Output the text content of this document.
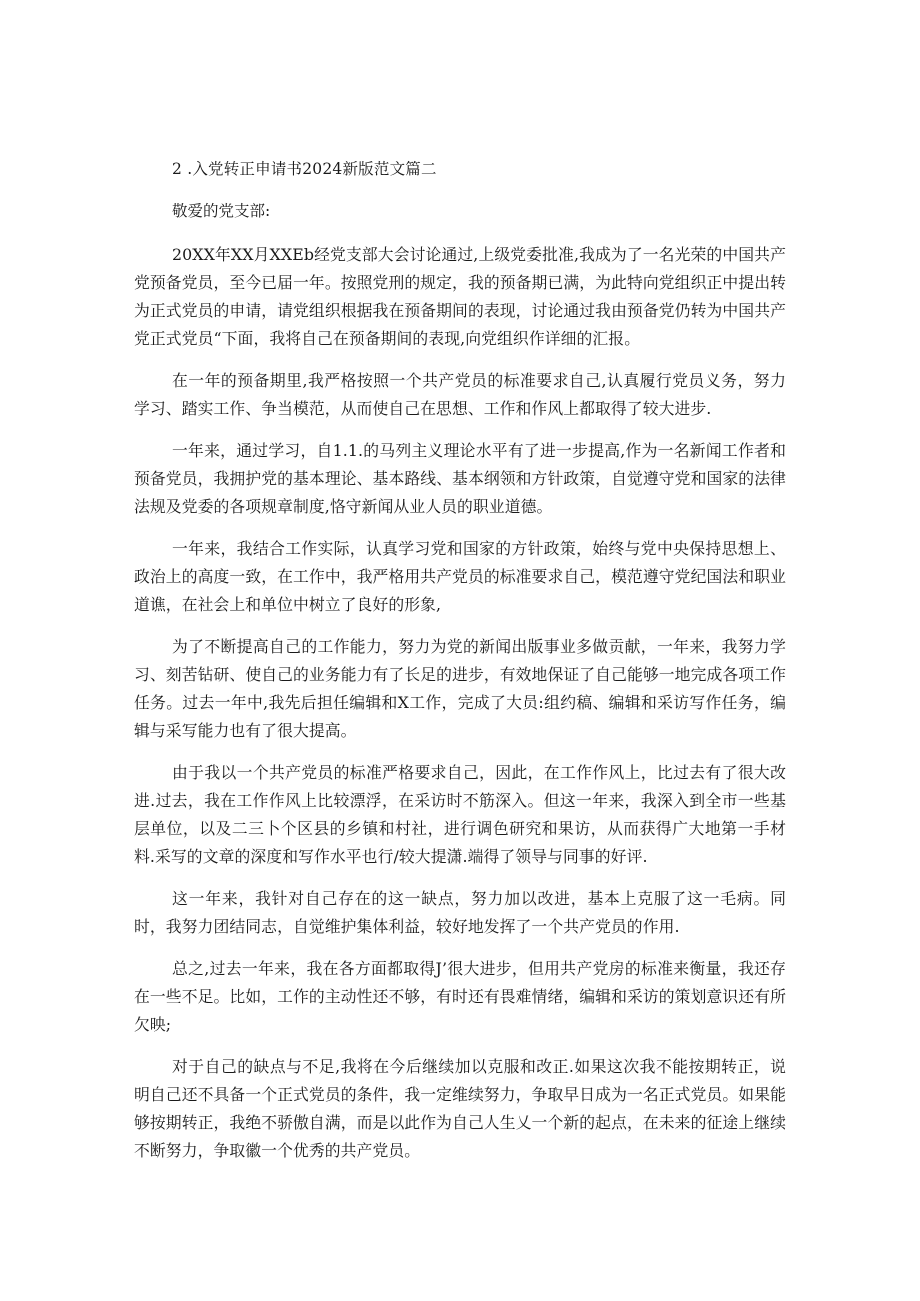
2 .入党转正申请书2024新版范文篇二

敬爱的党支部:

20XX年XX月XXEb经党支部大会讨论通过,上级党委批准,我成为了一名光荣的中国共产党预备党员，至今已届一年。按照党刑的规定，我的预备期已满，为此特向党组织正中提出转为正式党员的申请，请党组织根据我在预备期间的表现，讨论通过我由预备党仍转为中国共产党正式党员“下面，我将自己在预备期间的表现,向党组织作详细的汇报。

在一年的预备期里,我严格按照一个共产党员的标准要求自己,认真履行党员义务，努力学习、踏实工作、争当模范，从而使自己在思想、工作和作风上都取得了较大进步.

一年来，通过学习，自1.1.的马列主义理论水平有了进一步提高,作为一名新闻工作者和预备党员，我拥护党的基本理论、基本路线、基本纲领和方针政策，自觉遵守党和国家的法律法规及党委的各项规章制度,恪守新闻从业人员的职业道德。

一年来，我结合工作实际，认真学习党和国家的方针政策，始终与党中央保持思想上、政治上的高度一致，在工作中，我严格用共产党员的标准要求自己，模范遵守党纪国法和职业道谯，在社会上和单位中树立了良好的形象,

为了不断提高自己的工作能力，努力为党的新闻出版事业多做贡献，一年来，我努力学习、刻苦钻研、使自己的业务能力有了长足的进步，有效地保证了自己能够一地完成各项工作任务。过去一年中,我先后担任编辑和X工作，完成了大员:组约稿、编辑和采访写作任务，编辑与采写能力也有了很大提高。

由于我以一个共产党员的标准严格要求自己，因此，在工作作风上，比过去有了很大改进.过去，我在工作作风上比较漂浮，在采访时不筋深入。但这一年来，我深入到全市一些基层单位，以及二三卜个区县的乡镇和村社，进行调色研究和果访，从而获得广大地第一手材料.采写的文章的深度和写作水平也行/较大提潇.端得了领导与同事的好评.

这一年来，我针对自己存在的这一缺点，努力加以改进，基本上克服了这一毛病。同时，我努力团结同志，自觉维护集体利益，较好地发挥了一个共产党员的作用.

总之,过去一年来，我在各方面都取得J’很大进步，但用共产党房的标准来衡量，我还存在一些不足。比如，工作的主动性还不够，有时还有畏难情绪，编辑和采访的策划意识还有所欠映;

对于自己的缺点与不足,我将在今后继续加以克服和改正.如果这次我不能按期转正，说明自己还不具备一个正式党员的条件，我一定维续努力，争取早日成为一名正式党员。如果能够按期转正，我绝不骄傲自满，而是以此作为自己人生乂一个新的起点，在未来的征途上继续不断努力，争取徽一个优秀的共产党员。
